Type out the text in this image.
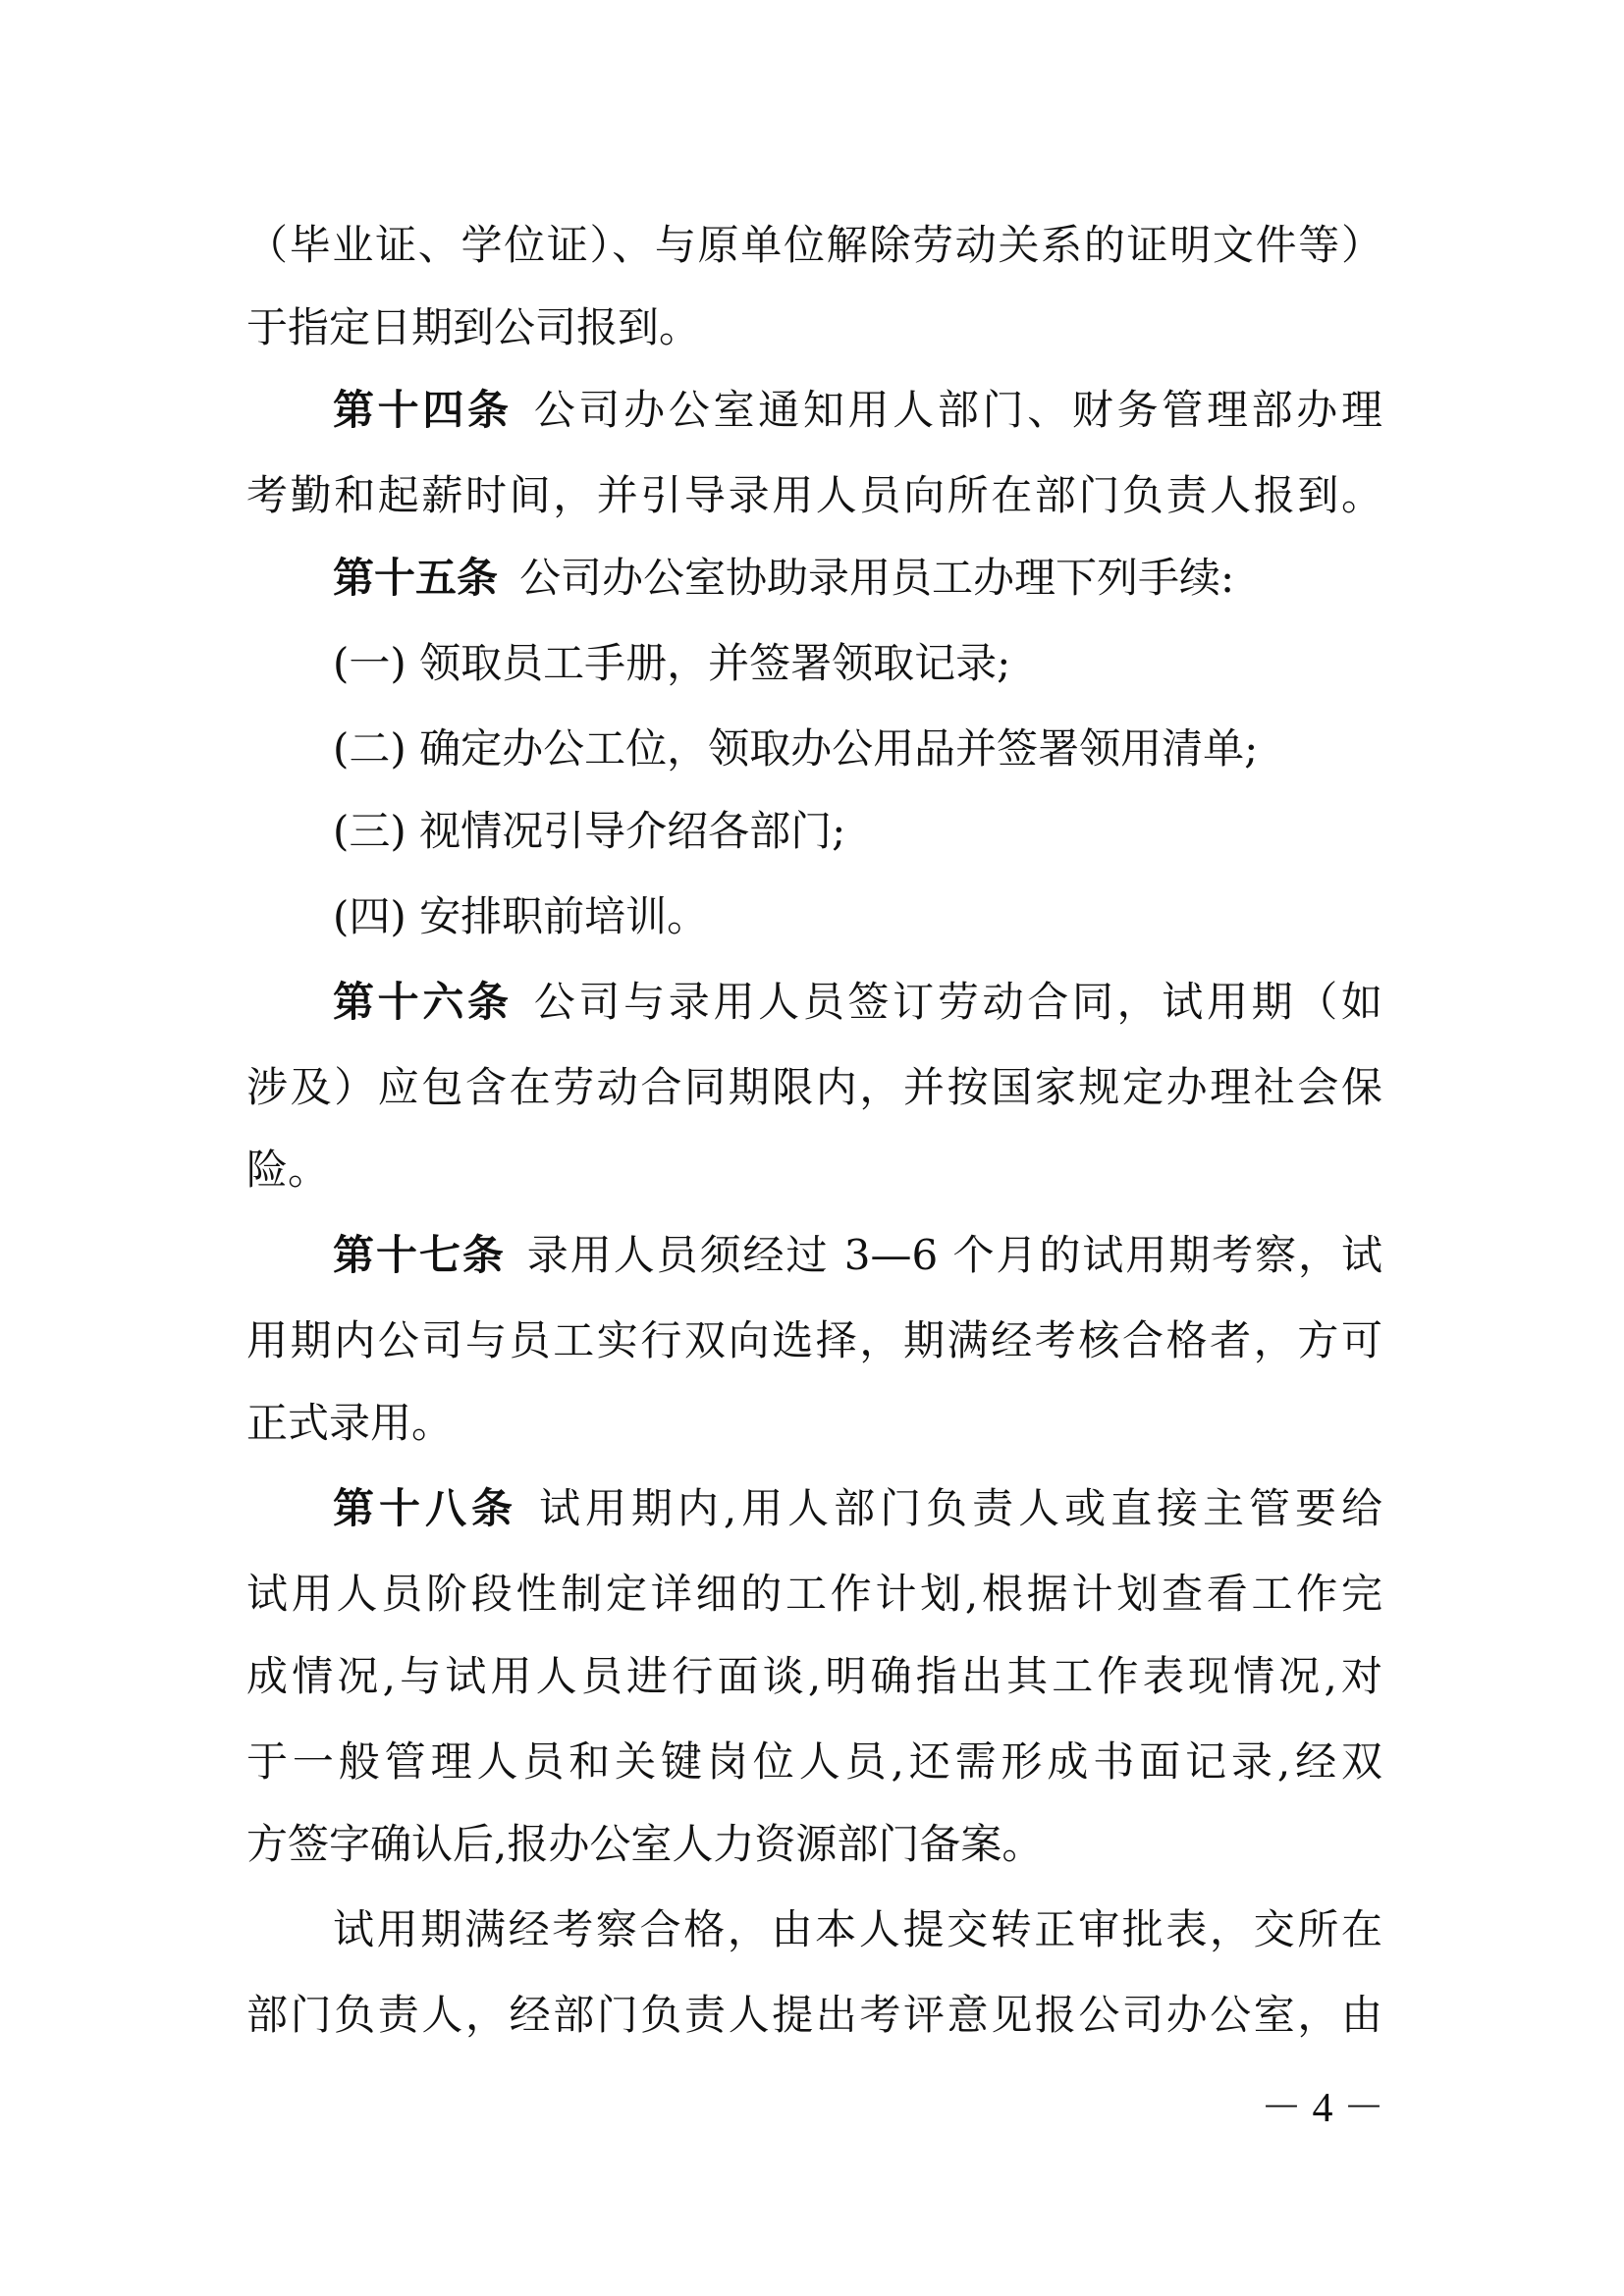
（毕业证、学位证）、与原单位解除劳动关系的证明文件等）
于指定日期到公司报到。
第十四条 公司办公室通知用人部门、财务管理部办理
考勤和起薪时间，并引导录用人员向所在部门负责人报到。
第十五条 公司办公室协助录用员工办理下列手续:
(一) 领取员工手册，并签署领取记录;
(二) 确定办公工位，领取办公用品并签署领用清单;
(三) 视情况引导介绍各部门;
(四) 安排职前培训。
第十六条 公司与录用人员签订劳动合同，试用期（如
涉及）应包含在劳动合同期限内，并按国家规定办理社会保
险。
第十七条 录用人员须经过 3—6 个月的试用期考察，试
用期内公司与员工实行双向选择，期满经考核合格者，方可
正式录用。
第十八条 试用期内,用人部门负责人或直接主管要给
试用人员阶段性制定详细的工作计划,根据计划查看工作完
成情况,与试用人员进行面谈,明确指出其工作表现情况,对
于一般管理人员和关键岗位人员,还需形成书面记录,经双
方签字确认后,报办公室人力资源部门备案。
试用期满经考察合格，由本人提交转正审批表，交所在
部门负责人，经部门负责人提出考评意见报公司办公室，由
－ 4 －
